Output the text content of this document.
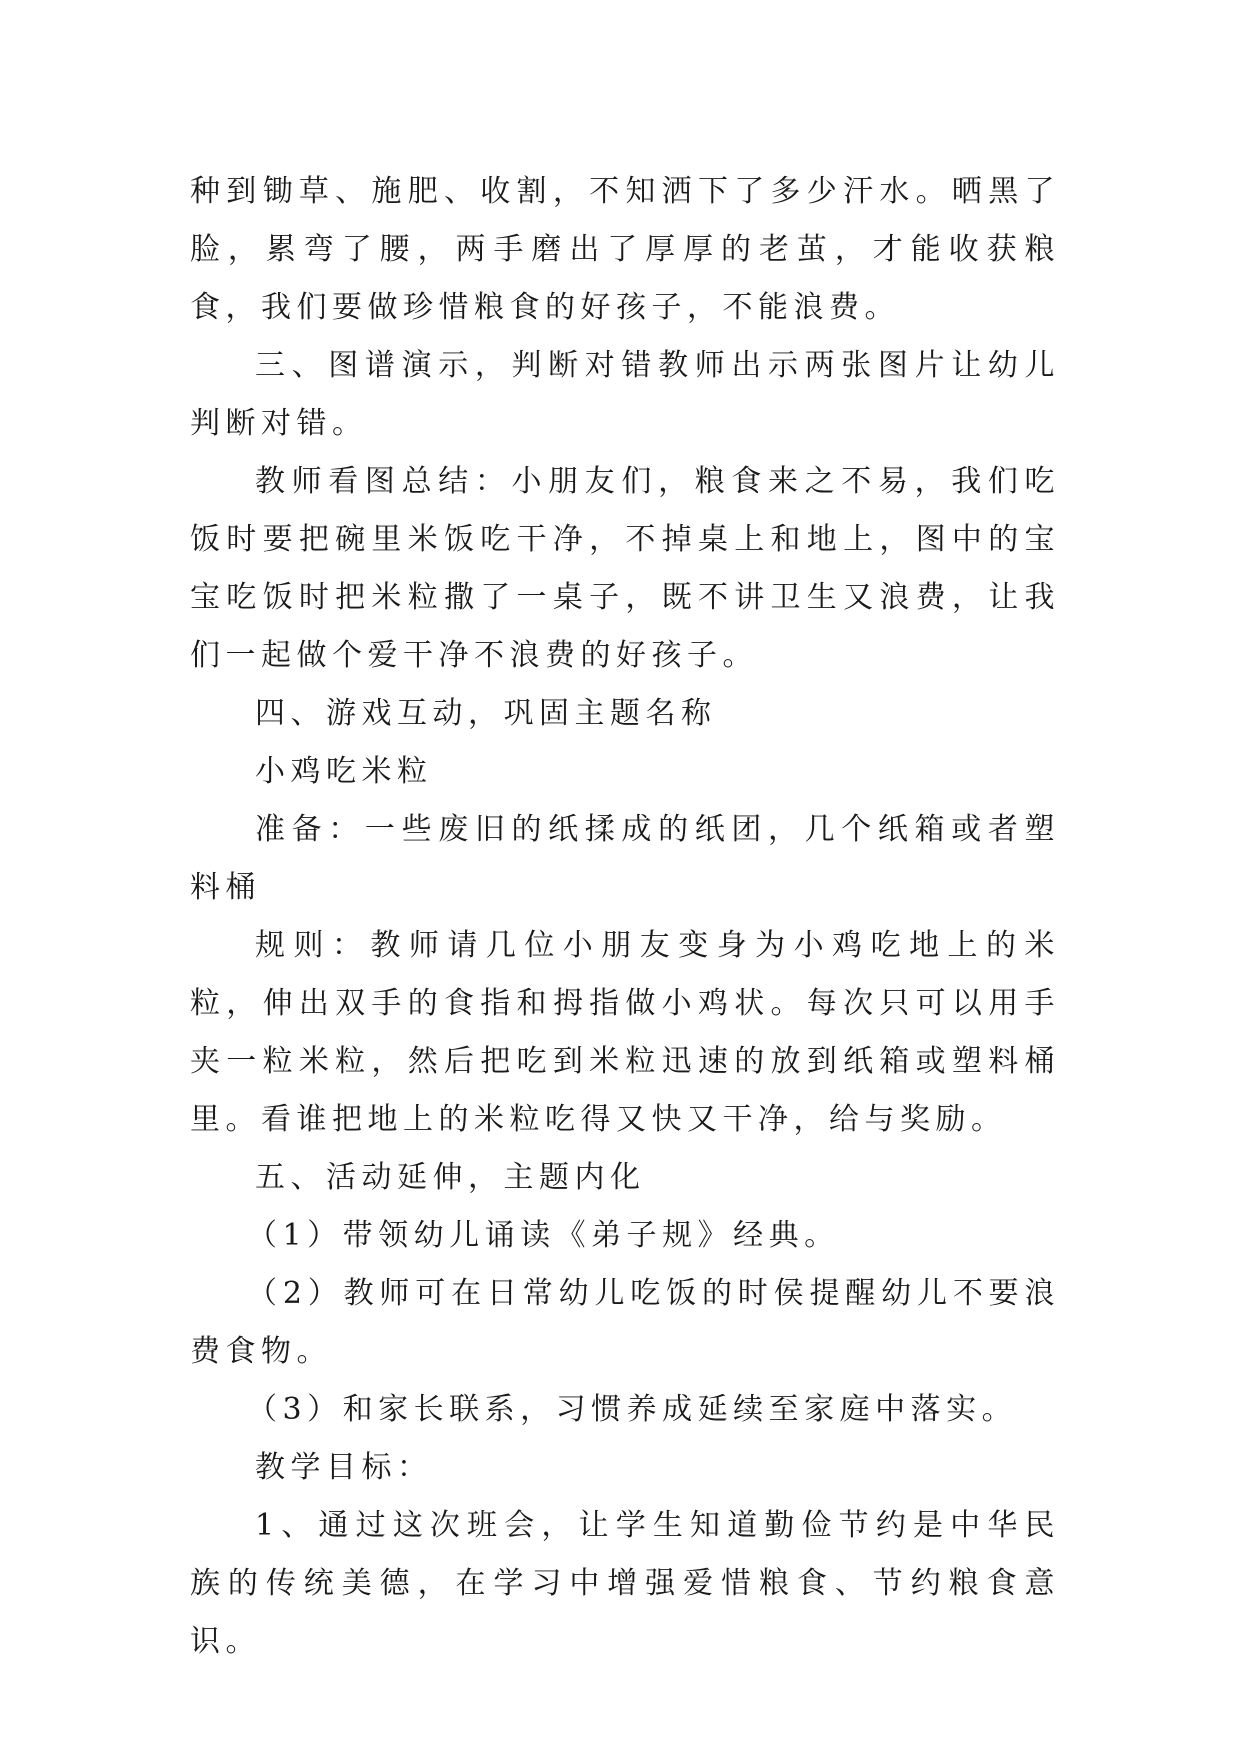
种到锄草、施肥、收割，不知洒下了多少汗水。晒黑了脸，累弯了腰，两手磨出了厚厚的老茧，才能收获粮食，我们要做珍惜粮食的好孩子，不能浪费。

三、图谱演示，判断对错教师出示两张图片让幼儿判断对错。

教师看图总结：小朋友们，粮食来之不易，我们吃饭时要把碗里米饭吃干净，不掉桌上和地上，图中的宝宝吃饭时把米粒撒了一桌子，既不讲卫生又浪费，让我们一起做个爱干净不浪费的好孩子。

四、游戏互动，巩固主题名称

小鸡吃米粒

准备：一些废旧的纸揉成的纸团，几个纸箱或者塑料桶

规则：教师请几位小朋友变身为小鸡吃地上的米粒，伸出双手的食指和拇指做小鸡状。每次只可以用手夹一粒米粒，然后把吃到米粒迅速的放到纸箱或塑料桶里。看谁把地上的米粒吃得又快又干净，给与奖励。

五、活动延伸，主题内化

（1）带领幼儿诵读《弟子规》经典。

（2）教师可在日常幼儿吃饭的时侯提醒幼儿不要浪费食物。

（3）和家长联系，习惯养成延续至家庭中落实。

教学目标：

1、通过这次班会，让学生知道勤俭节约是中华民族的传统美德，在学习中增强爱惜粮食、节约粮食意识。
